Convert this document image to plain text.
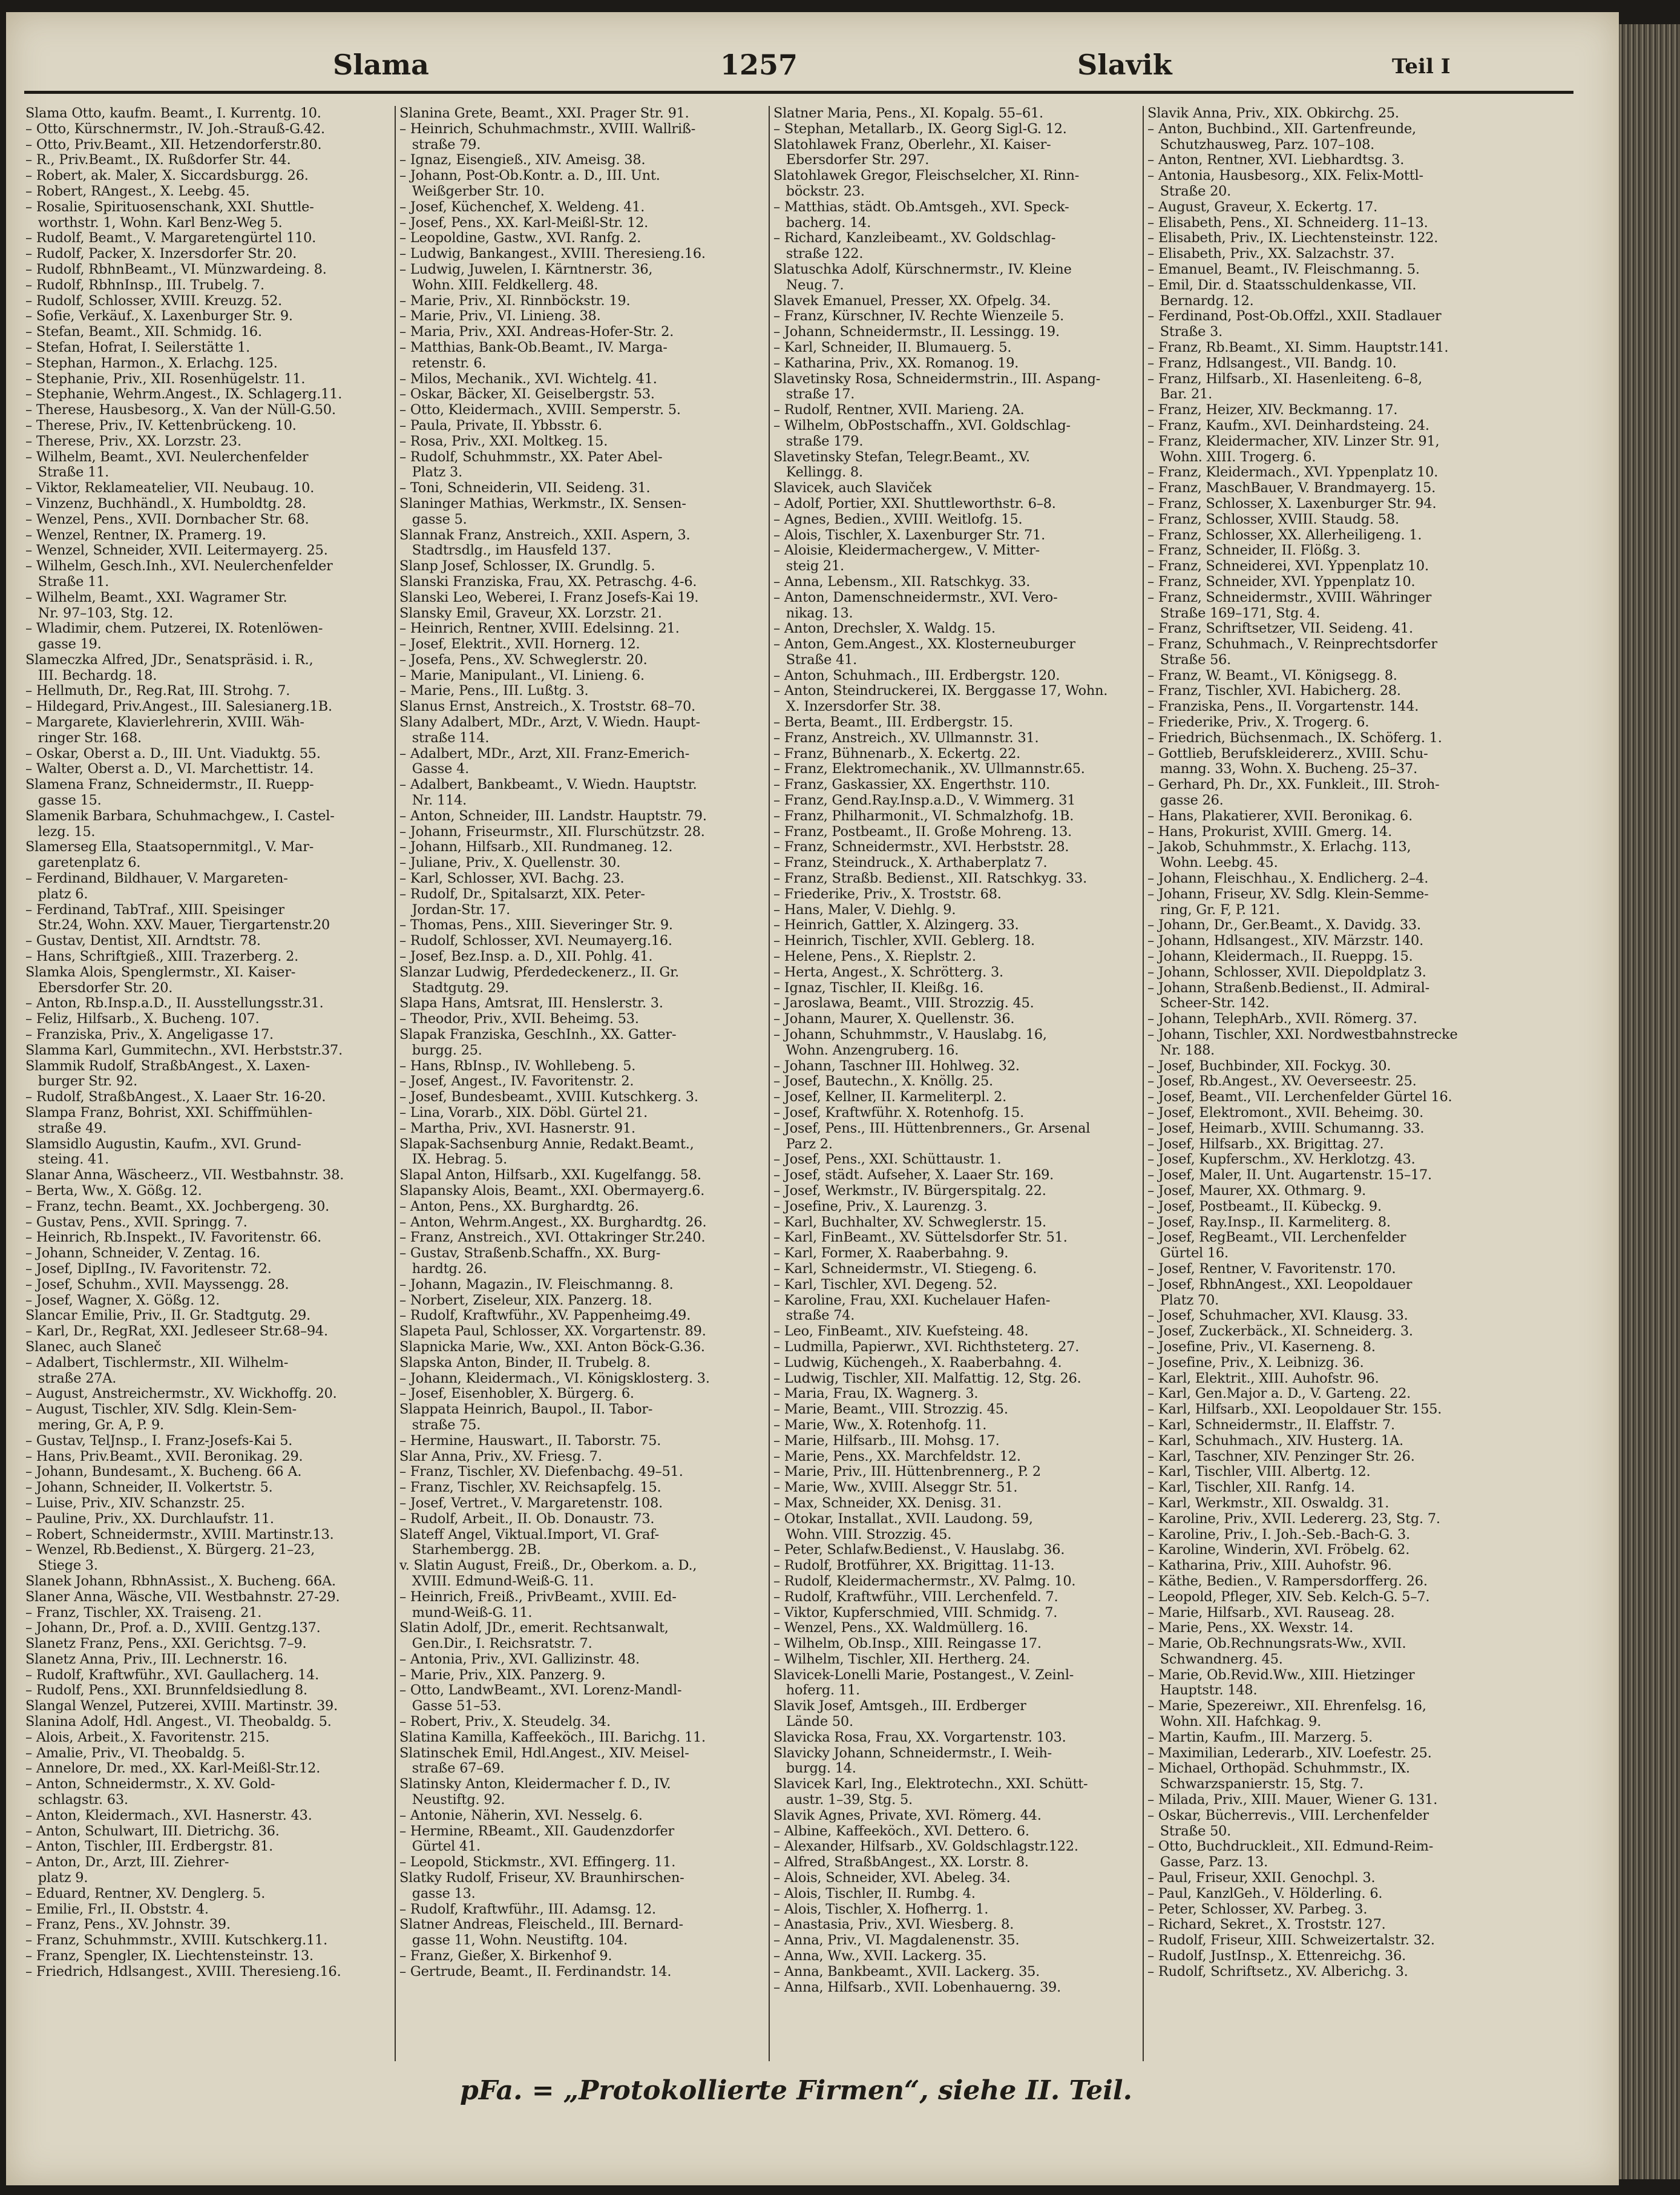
Slama	1257	Slavik	Teil I
Slama Otto, kaufm. Beamt., I. Kurrentg. 10.
– Otto, Kürschnermstr., IV. Joh.-Strauß-G.42.
– Otto, Priv.Beamt., XII. Hetzendorferstr.80.
– R., Priv.Beamt., IX. Rußdorfer Str. 44.
– Robert, ak. Maler, X. Siccardsburgg. 26.
– Robert, RAngest., X. Leebg. 45.
– Rosalie, Spirituosenschank, XXI. Shuttle-
worthstr. 1, Wohn. Karl Benz-Weg 5.
– Rudolf, Beamt., V. Margaretengürtel 110.
– Rudolf, Packer, X. Inzersdorfer Str. 20.
– Rudolf, RbhnBeamt., VI. Münzwardeing. 8.
– Rudolf, RbhnInsp., III. Trubelg. 7.
– Rudolf, Schlosser, XVIII. Kreuzg. 52.
– Sofie, Verkäuf., X. Laxenburger Str. 9.
– Stefan, Beamt., XII. Schmidg. 16.
– Stefan, Hofrat, I. Seilerstätte 1.
– Stephan, Harmon., X. Erlachg. 125.
– Stephanie, Priv., XII. Rosenhügelstr. 11.
– Stephanie, Wehrm.Angest., IX. Schlagerg.11.
– Therese, Hausbesorg., X. Van der Nüll-G.50.
– Therese, Priv., IV. Kettenbrückeng. 10.
– Therese, Priv., XX. Lorzstr. 23.
– Wilhelm, Beamt., XVI. Neulerchenfelder
Straße 11.
– Viktor, Reklameatelier, VII. Neubaug. 10.
– Vinzenz, Buchhändl., X. Humboldtg. 28.
– Wenzel, Pens., XVII. Dornbacher Str. 68.
– Wenzel, Rentner, IX. Pramerg. 19.
– Wenzel, Schneider, XVII. Leitermayerg. 25.
– Wilhelm, Gesch.Inh., XVI. Neulerchenfelder
Straße 11.
– Wilhelm, Beamt., XXI. Wagramer Str.
Nr. 97–103, Stg. 12.
– Wladimir, chem. Putzerei, IX. Rotenlöwen-
gasse 19.
Slameczka Alfred, JDr., Senatspräsid. i. R.,
III. Bechardg. 18.
– Hellmuth, Dr., Reg.Rat, III. Strohg. 7.
– Hildegard, Priv.Angest., III. Salesianerg.1B.
– Margarete, Klavierlehrerin, XVIII. Wäh-
ringer Str. 168.
– Oskar, Oberst a. D., III. Unt. Viaduktg. 55.
– Walter, Oberst a. D., VI. Marchettistr. 14.
Slamena Franz, Schneidermstr., II. Ruepp-
gasse 15.
Slamenik Barbara, Schuhmachgew., I. Castel-
lezg. 15.
Slamerseg Ella, Staatsopernmitgl., V. Mar-
garetenplatz 6.
– Ferdinand, Bildhauer, V. Margareten-
platz 6.
– Ferdinand, TabTraf., XIII. Speisinger
Str.24, Wohn. XXV. Mauer, Tiergartenstr.20
– Gustav, Dentist, XII. Arndtstr. 78.
– Hans, Schriftgieß., XIII. Trazerberg. 2.
Slamka Alois, Spenglermstr., XI. Kaiser-
Ebersdorfer Str. 20.
– Anton, Rb.Insp.a.D., II. Ausstellungsstr.31.
– Feliz, Hilfsarb., X. Bucheng. 107.
– Franziska, Priv., X. Angeligasse 17.
Slamma Karl, Gummitechn., XVI. Herbststr.37.
Slammik Rudolf, StraßbAngest., X. Laxen-
burger Str. 92.
– Rudolf, StraßbAngest., X. Laaer Str. 16-20.
Slampa Franz, Bohrist, XXI. Schiffmühlen-
straße 49.
Slamsidlo Augustin, Kaufm., XVI. Grund-
steing. 41.
Slanar Anna, Wäscheerz., VII. Westbahnstr. 38.
– Berta, Ww., X. Gößg. 12.
– Franz, techn. Beamt., XX. Jochbergeng. 30.
– Gustav, Pens., XVII. Springg. 7.
– Heinrich, Rb.Inspekt., IV. Favoritenstr. 66.
– Johann, Schneider, V. Zentag. 16.
– Josef, DiplIng., IV. Favoritenstr. 72.
– Josef, Schuhm., XVII. Mayssengg. 28.
– Josef, Wagner, X. Gößg. 12.
Slancar Emilie, Priv., II. Gr. Stadtgutg. 29.
– Karl, Dr., RegRat, XXI. Jedleseer Str.68–94.
Slanec, auch Slaneč
– Adalbert, Tischlermstr., XII. Wilhelm-
straße 27A.
– August, Anstreichermstr., XV. Wickhoffg. 20.
– August, Tischler, XIV. Sdlg. Klein-Sem-
mering, Gr. A, P. 9.
– Gustav, TelJnsp., I. Franz-Josefs-Kai 5.
– Hans, Priv.Beamt., XVII. Beronikag. 29.
– Johann, Bundesamt., X. Bucheng. 66 A.
– Johann, Schneider, II. Volkertstr. 5.
– Luise, Priv., XIV. Schanzstr. 25.
– Pauline, Priv., XX. Durchlaufstr. 11.
– Robert, Schneidermstr., XVIII. Martinstr.13.
– Wenzel, Rb.Bedienst., X. Bürgerg. 21–23,
Stiege 3.
Slanek Johann, RbhnAssist., X. Bucheng. 66A.
Slaner Anna, Wäsche, VII. Westbahnstr. 27-29.
– Franz, Tischler, XX. Traiseng. 21.
– Johann, Dr., Prof. a. D., XVIII. Gentzg.137.
Slanetz Franz, Pens., XXI. Gerichtsg. 7–9.
Slanetz Anna, Priv., III. Lechnerstr. 16.
– Rudolf, Kraftwführ., XVI. Gaullacherg. 14.
– Rudolf, Pens., XXI. Brunnfeldsiedlung 8.
Slangal Wenzel, Putzerei, XVIII. Martinstr. 39.
Slanina Adolf, Hdl. Angest., VI. Theobaldg. 5.
– Alois, Arbeit., X. Favoritenstr. 215.
– Amalie, Priv., VI. Theobaldg. 5.
– Annelore, Dr. med., XX. Karl-Meißl-Str.12.
– Anton, Schneidermstr., X. XV. Gold-
schlagstr. 63.
– Anton, Kleidermach., XVI. Hasnerstr. 43.
– Anton, Schulwart, III. Dietrichg. 36.
– Anton, Tischler, III. Erdbergstr. 81.
– Anton, Dr., Arzt, III. Ziehrer-
platz 9.
– Eduard, Rentner, XV. Denglerg. 5.
– Emilie, Frl., II. Obststr. 4.
– Franz, Pens., XV. Johnstr. 39.
– Franz, Schuhmmstr., XVIII. Kutschkerg.11.
– Franz, Spengler, IX. Liechtensteinstr. 13.
– Friedrich, Hdlsangest., XVIII. Theresieng.16.
Slanina Grete, Beamt., XXI. Prager Str. 91.
– Heinrich, Schuhmachmstr., XVIII. Wallriß-
straße 79.
– Ignaz, Eisengieß., XIV. Ameisg. 38.
– Johann, Post-Ob.Kontr. a. D., III. Unt.
Weißgerber Str. 10.
– Josef, Küchenchef, X. Weldeng. 41.
– Josef, Pens., XX. Karl-Meißl-Str. 12.
– Leopoldine, Gastw., XVI. Ranfg. 2.
– Ludwig, Bankangest., XVIII. Theresieng.16.
– Ludwig, Juwelen, I. Kärntnerstr. 36,
Wohn. XIII. Feldkellerg. 48.
– Marie, Priv., XI. Rinnböckstr. 19.
– Marie, Priv., VI. Linieng. 38.
– Maria, Priv., XXI. Andreas-Hofer-Str. 2.
– Matthias, Bank-Ob.Beamt., IV. Marga-
retenstr. 6.
– Milos, Mechanik., XVI. Wichtelg. 41.
– Oskar, Bäcker, XI. Geiselbergstr. 53.
– Otto, Kleidermach., XVIII. Semperstr. 5.
– Paula, Private, II. Ybbsstr. 6.
– Rosa, Priv., XXI. Moltkeg. 15.
– Rudolf, Schuhmmstr., XX. Pater Abel-
Platz 3.
– Toni, Schneiderin, VII. Seideng. 31.
Slaninger Mathias, Werkmstr., IX. Sensen-
gasse 5.
Slannak Franz, Anstreich., XXII. Aspern, 3.
Stadtrsdlg., im Hausfeld 137.
Slanp Josef, Schlosser, IX. Grundlg. 5.
Slanski Franziska, Frau, XX. Petraschg. 4-6.
Slanski Leo, Weberei, I. Franz Josefs-Kai 19.
Slansky Emil, Graveur, XX. Lorzstr. 21.
– Heinrich, Rentner, XVIII. Edelsinng. 21.
– Josef, Elektrit., XVII. Hornerg. 12.
– Josefa, Pens., XV. Schweglerstr. 20.
– Marie, Manipulant., VI. Linieng. 6.
– Marie, Pens., III. Lußtg. 3.
Slanus Ernst, Anstreich., X. Troststr. 68–70.
Slany Adalbert, MDr., Arzt, V. Wiedn. Haupt-
straße 114.
– Adalbert, MDr., Arzt, XII. Franz-Emerich-
Gasse 4.
– Adalbert, Bankbeamt., V. Wiedn. Hauptstr.
Nr. 114.
– Anton, Schneider, III. Landstr. Hauptstr. 79.
– Johann, Friseurmstr., XII. Flurschützstr. 28.
– Johann, Hilfsarb., XII. Rundmaneg. 12.
– Juliane, Priv., X. Quellenstr. 30.
– Karl, Schlosser, XVI. Bachg. 23.
– Rudolf, Dr., Spitalsarzt, XIX. Peter-
Jordan-Str. 17.
– Thomas, Pens., XIII. Sieveringer Str. 9.
– Rudolf, Schlosser, XVI. Neumayerg.16.
– Josef, Bez.Insp. a. D., XII. Pohlg. 41.
Slanzar Ludwig, Pferdedeckenerz., II. Gr.
Stadtgutg. 29.
Slapa Hans, Amtsrat, III. Henslerstr. 3.
– Theodor, Priv., XVII. Beheimg. 53.
Slapak Franziska, GeschInh., XX. Gatter-
burgg. 25.
– Hans, RbInsp., IV. Wohllebeng. 5.
– Josef, Angest., IV. Favoritenstr. 2.
– Josef, Bundesbeamt., XVIII. Kutschkerg. 3.
– Lina, Vorarb., XIX. Döbl. Gürtel 21.
– Martha, Priv., XVI. Hasnerstr. 91.
Slapak-Sachsenburg Annie, Redakt.Beamt.,
IX. Hebrag. 5.
Slapal Anton, Hilfsarb., XXI. Kugelfangg. 58.
Slapansky Alois, Beamt., XXI. Obermayerg.6.
– Anton, Pens., XX. Burghardtg. 26.
– Anton, Wehrm.Angest., XX. Burghardtg. 26.
– Franz, Anstreich., XVI. Ottakringer Str.240.
– Gustav, Straßenb.Schaffn., XX. Burg-
hardtg. 26.
– Johann, Magazin., IV. Fleischmanng. 8.
– Norbert, Ziseleur, XIX. Panzerg. 18.
– Rudolf, Kraftwführ., XV. Pappenheimg.49.
Slapeta Paul, Schlosser, XX. Vorgartenstr. 89.
Slapnicka Marie, Ww., XXI. Anton Böck-G.36.
Slapska Anton, Binder, II. Trubelg. 8.
– Johann, Kleidermach., VI. Königsklosterg. 3.
– Josef, Eisenhobler, X. Bürgerg. 6.
Slappata Heinrich, Baupol., II. Tabor-
straße 75.
– Hermine, Hauswart., II. Taborstr. 75.
Slar Anna, Priv., XV. Friesg. 7.
– Franz, Tischler, XV. Diefenbachg. 49–51.
– Franz, Tischler, XV. Reichsapfelg. 15.
– Josef, Vertret., V. Margaretenstr. 108.
– Rudolf, Arbeit., II. Ob. Donaustr. 73.
Slateff Angel, Viktual.Import, VI. Graf-
Starhembergg. 2B.
v. Slatin August, Freiß., Dr., Oberkom. a. D.,
XVIII. Edmund-Weiß-G. 11.
– Heinrich, Freiß., PrivBeamt., XVIII. Ed-
mund-Weiß-G. 11.
Slatin Adolf, JDr., emerit. Rechtsanwalt,
Gen.Dir., I. Reichsratstr. 7.
– Antonia, Priv., XVI. Gallizinstr. 48.
– Marie, Priv., XIX. Panzerg. 9.
– Otto, LandwBeamt., XVI. Lorenz-Mandl-
Gasse 51–53.
– Robert, Priv., X. Steudelg. 34.
Slatina Kamilla, Kaffeeköch., III. Barichg. 11.
Slatinschek Emil, Hdl.Angest., XIV. Meisel-
straße 67–69.
Slatinsky Anton, Kleidermacher f. D., IV.
Neustiftg. 92.
– Antonie, Näherin, XVI. Nesselg. 6.
– Hermine, RBeamt., XII. Gaudenzdorfer
Gürtel 41.
– Leopold, Stickmstr., XVI. Effingerg. 11.
Slatky Rudolf, Friseur, XV. Braunhirschen-
gasse 13.
– Rudolf, Kraftwführ., III. Adamsg. 12.
Slatner Andreas, Fleischeld., III. Bernard-
gasse 11, Wohn. Neustiftg. 104.
– Franz, Gießer, X. Birkenhof 9.
– Gertrude, Beamt., II. Ferdinandstr. 14.
Slatner Maria, Pens., XI. Kopalg. 55–61.
– Stephan, Metallarb., IX. Georg Sigl-G. 12.
Slatohlawek Franz, Oberlehr., XI. Kaiser-
Ebersdorfer Str. 297.
Slatohlawek Gregor, Fleischselcher, XI. Rinn-
böckstr. 23.
– Matthias, städt. Ob.Amtsgeh., XVI. Speck-
bacherg. 14.
– Richard, Kanzleibeamt., XV. Goldschlag-
straße 122.
Slatuschka Adolf, Kürschnermstr., IV. Kleine
Neug. 7.
Slavek Emanuel, Presser, XX. Ofpelg. 34.
– Franz, Kürschner, IV. Rechte Wienzeile 5.
– Johann, Schneidermstr., II. Lessingg. 19.
– Karl, Schneider, II. Blumauerg. 5.
– Katharina, Priv., XX. Romanog. 19.
Slavetinsky Rosa, Schneidermstrin., III. Aspang-
straße 17.
– Rudolf, Rentner, XVII. Marieng. 2A.
– Wilhelm, ObPostschaffn., XVI. Goldschlag-
straße 179.
Slavetinsky Stefan, Telegr.Beamt., XV.
Kellingg. 8.
Slavicek, auch Slaviček
– Adolf, Portier, XXI. Shuttleworthstr. 6–8.
– Agnes, Bedien., XVIII. Weitlofg. 15.
– Alois, Tischler, X. Laxenburger Str. 71.
– Aloisie, Kleidermachergew., V. Mitter-
steig 21.
– Anna, Lebensm., XII. Ratschkyg. 33.
– Anton, Damenschneidermstr., XVI. Vero-
nikag. 13.
– Anton, Drechsler, X. Waldg. 15.
– Anton, Gem.Angest., XX. Klosterneuburger
Straße 41.
– Anton, Schuhmach., III. Erdbergstr. 120.
– Anton, Steindruckerei, IX. Berggasse 17, Wohn.
X. Inzersdorfer Str. 38.
– Berta, Beamt., III. Erdbergstr. 15.
– Franz, Anstreich., XV. Ullmannstr. 31.
– Franz, Bühnenarb., X. Eckertg. 22.
– Franz, Elektromechanik., XV. Ullmannstr.65.
– Franz, Gaskassier, XX. Engerthstr. 110.
– Franz, Gend.Ray.Insp.a.D., V. Wimmerg. 31
– Franz, Philharmonit., VI. Schmalzhofg. 1B.
– Franz, Postbeamt., II. Große Mohreng. 13.
– Franz, Schneidermstr., XVI. Herbststr. 28.
– Franz, Steindruck., X. Arthaberplatz 7.
– Franz, Straßb. Bedienst., XII. Ratschkyg. 33.
– Friederike, Priv., X. Troststr. 68.
– Hans, Maler, V. Diehlg. 9.
– Heinrich, Gattler, X. Alzingerg. 33.
– Heinrich, Tischler, XVII. Geblerg. 18.
– Helene, Pens., X. Rieplstr. 2.
– Herta, Angest., X. Schrötterg. 3.
– Ignaz, Tischler, II. Kleißg. 16.
– Jaroslawa, Beamt., VIII. Strozzig. 45.
– Johann, Maurer, X. Quellenstr. 36.
– Johann, Schuhmmstr., V. Hauslabg. 16,
Wohn. Anzengruberg. 16.
– Johann, Taschner III. Hohlweg. 32.
– Josef, Bautechn., X. Knöllg. 25.
– Josef, Kellner, II. Karmeliterpl. 2.
– Josef, Kraftwführ. X. Rotenhofg. 15.
– Josef, Pens., III. Hüttenbrenners., Gr. Arsenal
Parz 2.
– Josef, Pens., XXI. Schüttaustr. 1.
– Josef, städt. Aufseher, X. Laaer Str. 169.
– Josef, Werkmstr., IV. Bürgerspitalg. 22.
– Josefine, Priv., X. Laurenzg. 3.
– Karl, Buchhalter, XV. Schweglerstr. 15.
– Karl, FinBeamt., XV. Süttelsdorfer Str. 51.
– Karl, Former, X. Raaberbahng. 9.
– Karl, Schneidermstr., VI. Stiegeng. 6.
– Karl, Tischler, XVI. Degeng. 52.
– Karoline, Frau, XXI. Kuchelauer Hafen-
straße 74.
– Leo, FinBeamt., XIV. Kuefsteing. 48.
– Ludmilla, Papierwr., XVI. Richthsteterg. 27.
– Ludwig, Küchengeh., X. Raaberbahng. 4.
– Ludwig, Tischler, XII. Malfattig. 12, Stg. 26.
– Maria, Frau, IX. Wagnerg. 3.
– Marie, Beamt., VIII. Strozzig. 45.
– Marie, Ww., X. Rotenhofg. 11.
– Marie, Hilfsarb., III. Mohsg. 17.
– Marie, Pens., XX. Marchfeldstr. 12.
– Marie, Priv., III. Hüttenbrennerg., P. 2
– Marie, Ww., XVIII. Alseggr Str. 51.
– Max, Schneider, XX. Denisg. 31.
– Otokar, Installat., XVII. Laudong. 59,
Wohn. VIII. Strozzig. 45.
– Peter, Schlafw.Bedienst., V. Hauslabg. 36.
– Rudolf, Brotführer, XX. Brigittag. 11-13.
– Rudolf, Kleidermachermstr., XV. Palmg. 10.
– Rudolf, Kraftwführ., VIII. Lerchenfeld. 7.
– Viktor, Kupferschmied, VIII. Schmidg. 7.
– Wenzel, Pens., XX. Waldmüllerg. 16.
– Wilhelm, Ob.Insp., XIII. Reingasse 17.
– Wilhelm, Tischler, XII. Hertherg. 24.
Slavicek-Lonelli Marie, Postangest., V. Zeinl-
hoferg. 11.
Slavik Josef, Amtsgeh., III. Erdberger
Lände 50.
Slavicka Rosa, Frau, XX. Vorgartenstr. 103.
Slavicky Johann, Schneidermstr., I. Weih-
burgg. 14.
Slavicek Karl, Ing., Elektrotechn., XXI. Schütt-
austr. 1–39, Stg. 5.
Slavik Agnes, Private, XVI. Römerg. 44.
– Albine, Kaffeeköch., XVI. Dettero. 6.
– Alexander, Hilfsarb., XV. Goldschlagstr.122.
– Alfred, StraßbAngest., XX. Lorstr. 8.
– Alois, Schneider, XVI. Abeleg. 34.
– Alois, Tischler, II. Rumbg. 4.
– Alois, Tischler, X. Hofherrg. 1.
– Anastasia, Priv., XVI. Wiesberg. 8.
– Anna, Priv., VI. Magdalenenstr. 35.
– Anna, Ww., XVII. Lackerg. 35.
– Anna, Bankbeamt., XVII. Lackerg. 35.
– Anna, Hilfsarb., XVII. Lobenhauerng. 39.
Slavik Anna, Priv., XIX. Obkirchg. 25.
– Anton, Buchbind., XII. Gartenfreunde,
Schutzhausweg, Parz. 107–108.
– Anton, Rentner, XVI. Liebhardtsg. 3.
– Antonia, Hausbesorg., XIX. Felix-Mottl-
Straße 20.
– August, Graveur, X. Eckertg. 17.
– Elisabeth, Pens., XI. Schneiderg. 11–13.
– Elisabeth, Priv., IX. Liechtensteinstr. 122.
– Elisabeth, Priv., XX. Salzachstr. 37.
– Emanuel, Beamt., IV. Fleischmanng. 5.
– Emil, Dir. d. Staatsschuldenkasse, VII.
Bernardg. 12.
– Ferdinand, Post-Ob.Offzl., XXII. Stadlauer
Straße 3.
– Franz, Rb.Beamt., XI. Simm. Hauptstr.141.
– Franz, Hdlsangest., VII. Bandg. 10.
– Franz, Hilfsarb., XI. Hasenleiteng. 6–8,
Bar. 21.
– Franz, Heizer, XIV. Beckmanng. 17.
– Franz, Kaufm., XVI. Deinhardsteing. 24.
– Franz, Kleidermacher, XIV. Linzer Str. 91,
Wohn. XIII. Trogerg. 6.
– Franz, Kleidermach., XVI. Yppenplatz 10.
– Franz, MaschBauer, V. Brandmayerg. 15.
– Franz, Schlosser, X. Laxenburger Str. 94.
– Franz, Schlosser, XVIII. Staudg. 58.
– Franz, Schlosser, XX. Allerheiligeng. 1.
– Franz, Schneider, II. Flößg. 3.
– Franz, Schneiderei, XVI. Yppenplatz 10.
– Franz, Schneider, XVI. Yppenplatz 10.
– Franz, Schneidermstr., XVIII. Währinger
Straße 169–171, Stg. 4.
– Franz, Schriftsetzer, VII. Seideng. 41.
– Franz, Schuhmach., V. Reinprechtsdorfer
Straße 56.
– Franz, W. Beamt., VI. Königsegg. 8.
– Franz, Tischler, XVI. Habicherg. 28.
– Franziska, Pens., II. Vorgartenstr. 144.
– Friederike, Priv., X. Trogerg. 6.
– Friedrich, Büchsenmach., IX. Schöferg. 1.
– Gottlieb, Berufskleidererz., XVIII. Schu-
manng. 33, Wohn. X. Bucheng. 25–37.
– Gerhard, Ph. Dr., XX. Funkleit., III. Stroh-
gasse 26.
– Hans, Plakatierer, XVII. Beronikag. 6.
– Hans, Prokurist, XVIII. Gmerg. 14.
– Jakob, Schuhmmstr., X. Erlachg. 113,
Wohn. Leebg. 45.
– Johann, Fleischhau., X. Endlicherg. 2–4.
– Johann, Friseur, XV. Sdlg. Klein-Semme-
ring, Gr. F, P. 121.
– Johann, Dr., Ger.Beamt., X. Davidg. 33.
– Johann, Hdlsangest., XIV. Märzstr. 140.
– Johann, Kleidermach., II. Rueppg. 15.
– Johann, Schlosser, XVII. Diepoldplatz 3.
– Johann, Straßenb.Bedienst., II. Admiral-
Scheer-Str. 142.
– Johann, TelephArb., XVII. Römerg. 37.
– Johann, Tischler, XXI. Nordwestbahnstrecke
Nr. 188.
– Josef, Buchbinder, XII. Fockyg. 30.
– Josef, Rb.Angest., XV. Oeverseestr. 25.
– Josef, Beamt., VII. Lerchenfelder Gürtel 16.
– Josef, Elektromont., XVII. Beheimg. 30.
– Josef, Heimarb., XVIII. Schumanng. 33.
– Josef, Hilfsarb., XX. Brigittag. 27.
– Josef, Kupferschm., XV. Herklotzg. 43.
– Josef, Maler, II. Unt. Augartenstr. 15–17.
– Josef, Maurer, XX. Othmarg. 9.
– Josef, Postbeamt., II. Kübeckg. 9.
– Josef, Ray.Insp., II. Karmeliterg. 8.
– Josef, RegBeamt., VII. Lerchenfelder
Gürtel 16.
– Josef, Rentner, V. Favoritenstr. 170.
– Josef, RbhnAngest., XXI. Leopoldauer
Platz 70.
– Josef, Schuhmacher, XVI. Klausg. 33.
– Josef, Zuckerbäck., XI. Schneiderg. 3.
– Josefine, Priv., VI. Kaserneng. 8.
– Josefine, Priv., X. Leibnizg. 36.
– Karl, Elektrit., XIII. Auhofstr. 96.
– Karl, Gen.Major a. D., V. Garteng. 22.
– Karl, Hilfsarb., XXI. Leopoldauer Str. 155.
– Karl, Schneidermstr., II. Elaffstr. 7.
– Karl, Schuhmach., XIV. Husterg. 1A.
– Karl, Taschner, XIV. Penzinger Str. 26.
– Karl, Tischler, VIII. Albertg. 12.
– Karl, Tischler, XII. Ranfg. 14.
– Karl, Werkmstr., XII. Oswaldg. 31.
– Karoline, Priv., XVII. Ledererg. 23, Stg. 7.
– Karoline, Priv., I. Joh.-Seb.-Bach-G. 3.
– Karoline, Winderin, XVI. Fröbelg. 62.
– Katharina, Priv., XIII. Auhofstr. 96.
– Käthe, Bedien., V. Rampersdorfferg. 26.
– Leopold, Pfleger, XIV. Seb. Kelch-G. 5–7.
– Marie, Hilfsarb., XVI. Rauseag. 28.
– Marie, Pens., XX. Wexstr. 14.
– Marie, Ob.Rechnungsrats-Ww., XVII.
Schwandnerg. 45.
– Marie, Ob.Revid.Ww., XIII. Hietzinger
Hauptstr. 148.
– Marie, Spezereiwr., XII. Ehrenfelsg. 16,
Wohn. XII. Hafchkag. 9.
– Martin, Kaufm., III. Marzerg. 5.
– Maximilian, Lederarb., XIV. Loefestr. 25.
– Michael, Orthopäd. Schuhmmstr., IX.
Schwarzspanierstr. 15, Stg. 7.
– Milada, Priv., XIII. Mauer, Wiener G. 131.
– Oskar, Bücherrevis., VIII. Lerchenfelder
Straße 50.
– Otto, Buchdruckleit., XII. Edmund-Reim-
Gasse, Parz. 13.
– Paul, Friseur, XXII. Genochpl. 3.
– Paul, KanzlGeh., V. Hölderling. 6.
– Peter, Schlosser, XV. Parbeg. 3.
– Richard, Sekret., X. Troststr. 127.
– Rudolf, Friseur, XIII. Schweizertalstr. 32.
– Rudolf, JustInsp., X. Ettenreichg. 36.
– Rudolf, Schriftsetz., XV. Alberichg. 3.
pFa. = „Protokollierte Firmen“, siehe II. Teil.
